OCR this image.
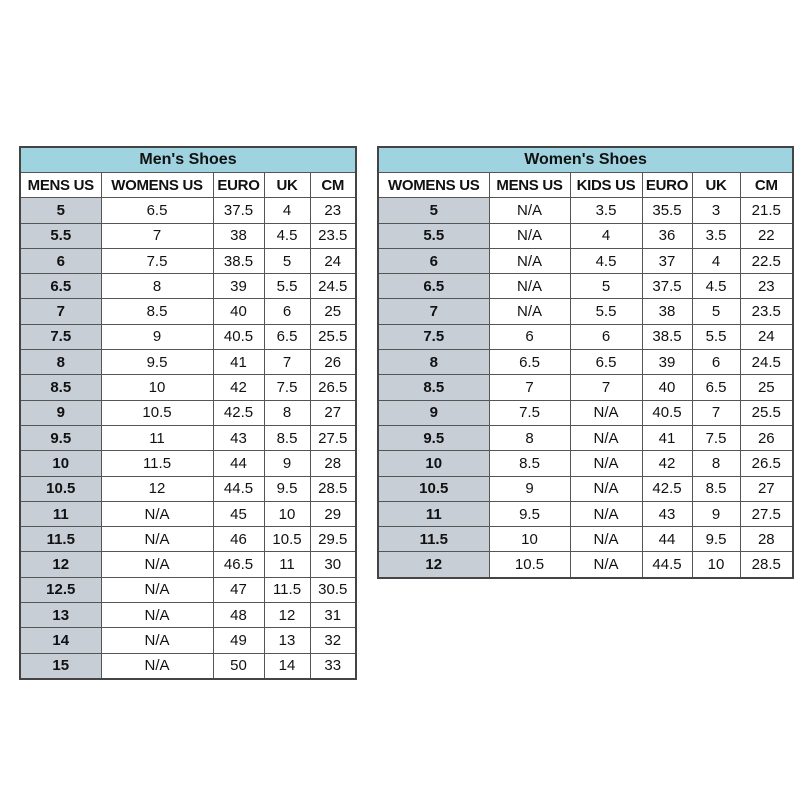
Men's Shoes				
MENS US	WOMENS US	EURO	UK	CM
5	6.5	37.5	4	23
5.5	7	38	4.5	23.5
6	7.5	38.5	5	24
6.5	8	39	5.5	24.5
7	8.5	40	6	25
7.5	9	40.5	6.5	25.5
8	9.5	41	7	26
8.5	10	42	7.5	26.5
9	10.5	42.5	8	27
9.5	11	43	8.5	27.5
10	11.5	44	9	28
10.5	12	44.5	9.5	28.5
11	N/A	45	10	29
11.5	N/A	46	10.5	29.5
12	N/A	46.5	11	30
12.5	N/A	47	11.5	30.5
13	N/A	48	12	31
14	N/A	49	13	32
15	N/A	50	14	33
Women's Shoes					
WOMENS US	MENS US	KIDS US	EURO	UK	CM
5	N/A	3.5	35.5	3	21.5
5.5	N/A	4	36	3.5	22
6	N/A	4.5	37	4	22.5
6.5	N/A	5	37.5	4.5	23
7	N/A	5.5	38	5	23.5
7.5	6	6	38.5	5.5	24
8	6.5	6.5	39	6	24.5
8.5	7	7	40	6.5	25
9	7.5	N/A	40.5	7	25.5
9.5	8	N/A	41	7.5	26
10	8.5	N/A	42	8	26.5
10.5	9	N/A	42.5	8.5	27
11	9.5	N/A	43	9	27.5
11.5	10	N/A	44	9.5	28
12	10.5	N/A	44.5	10	28.5
